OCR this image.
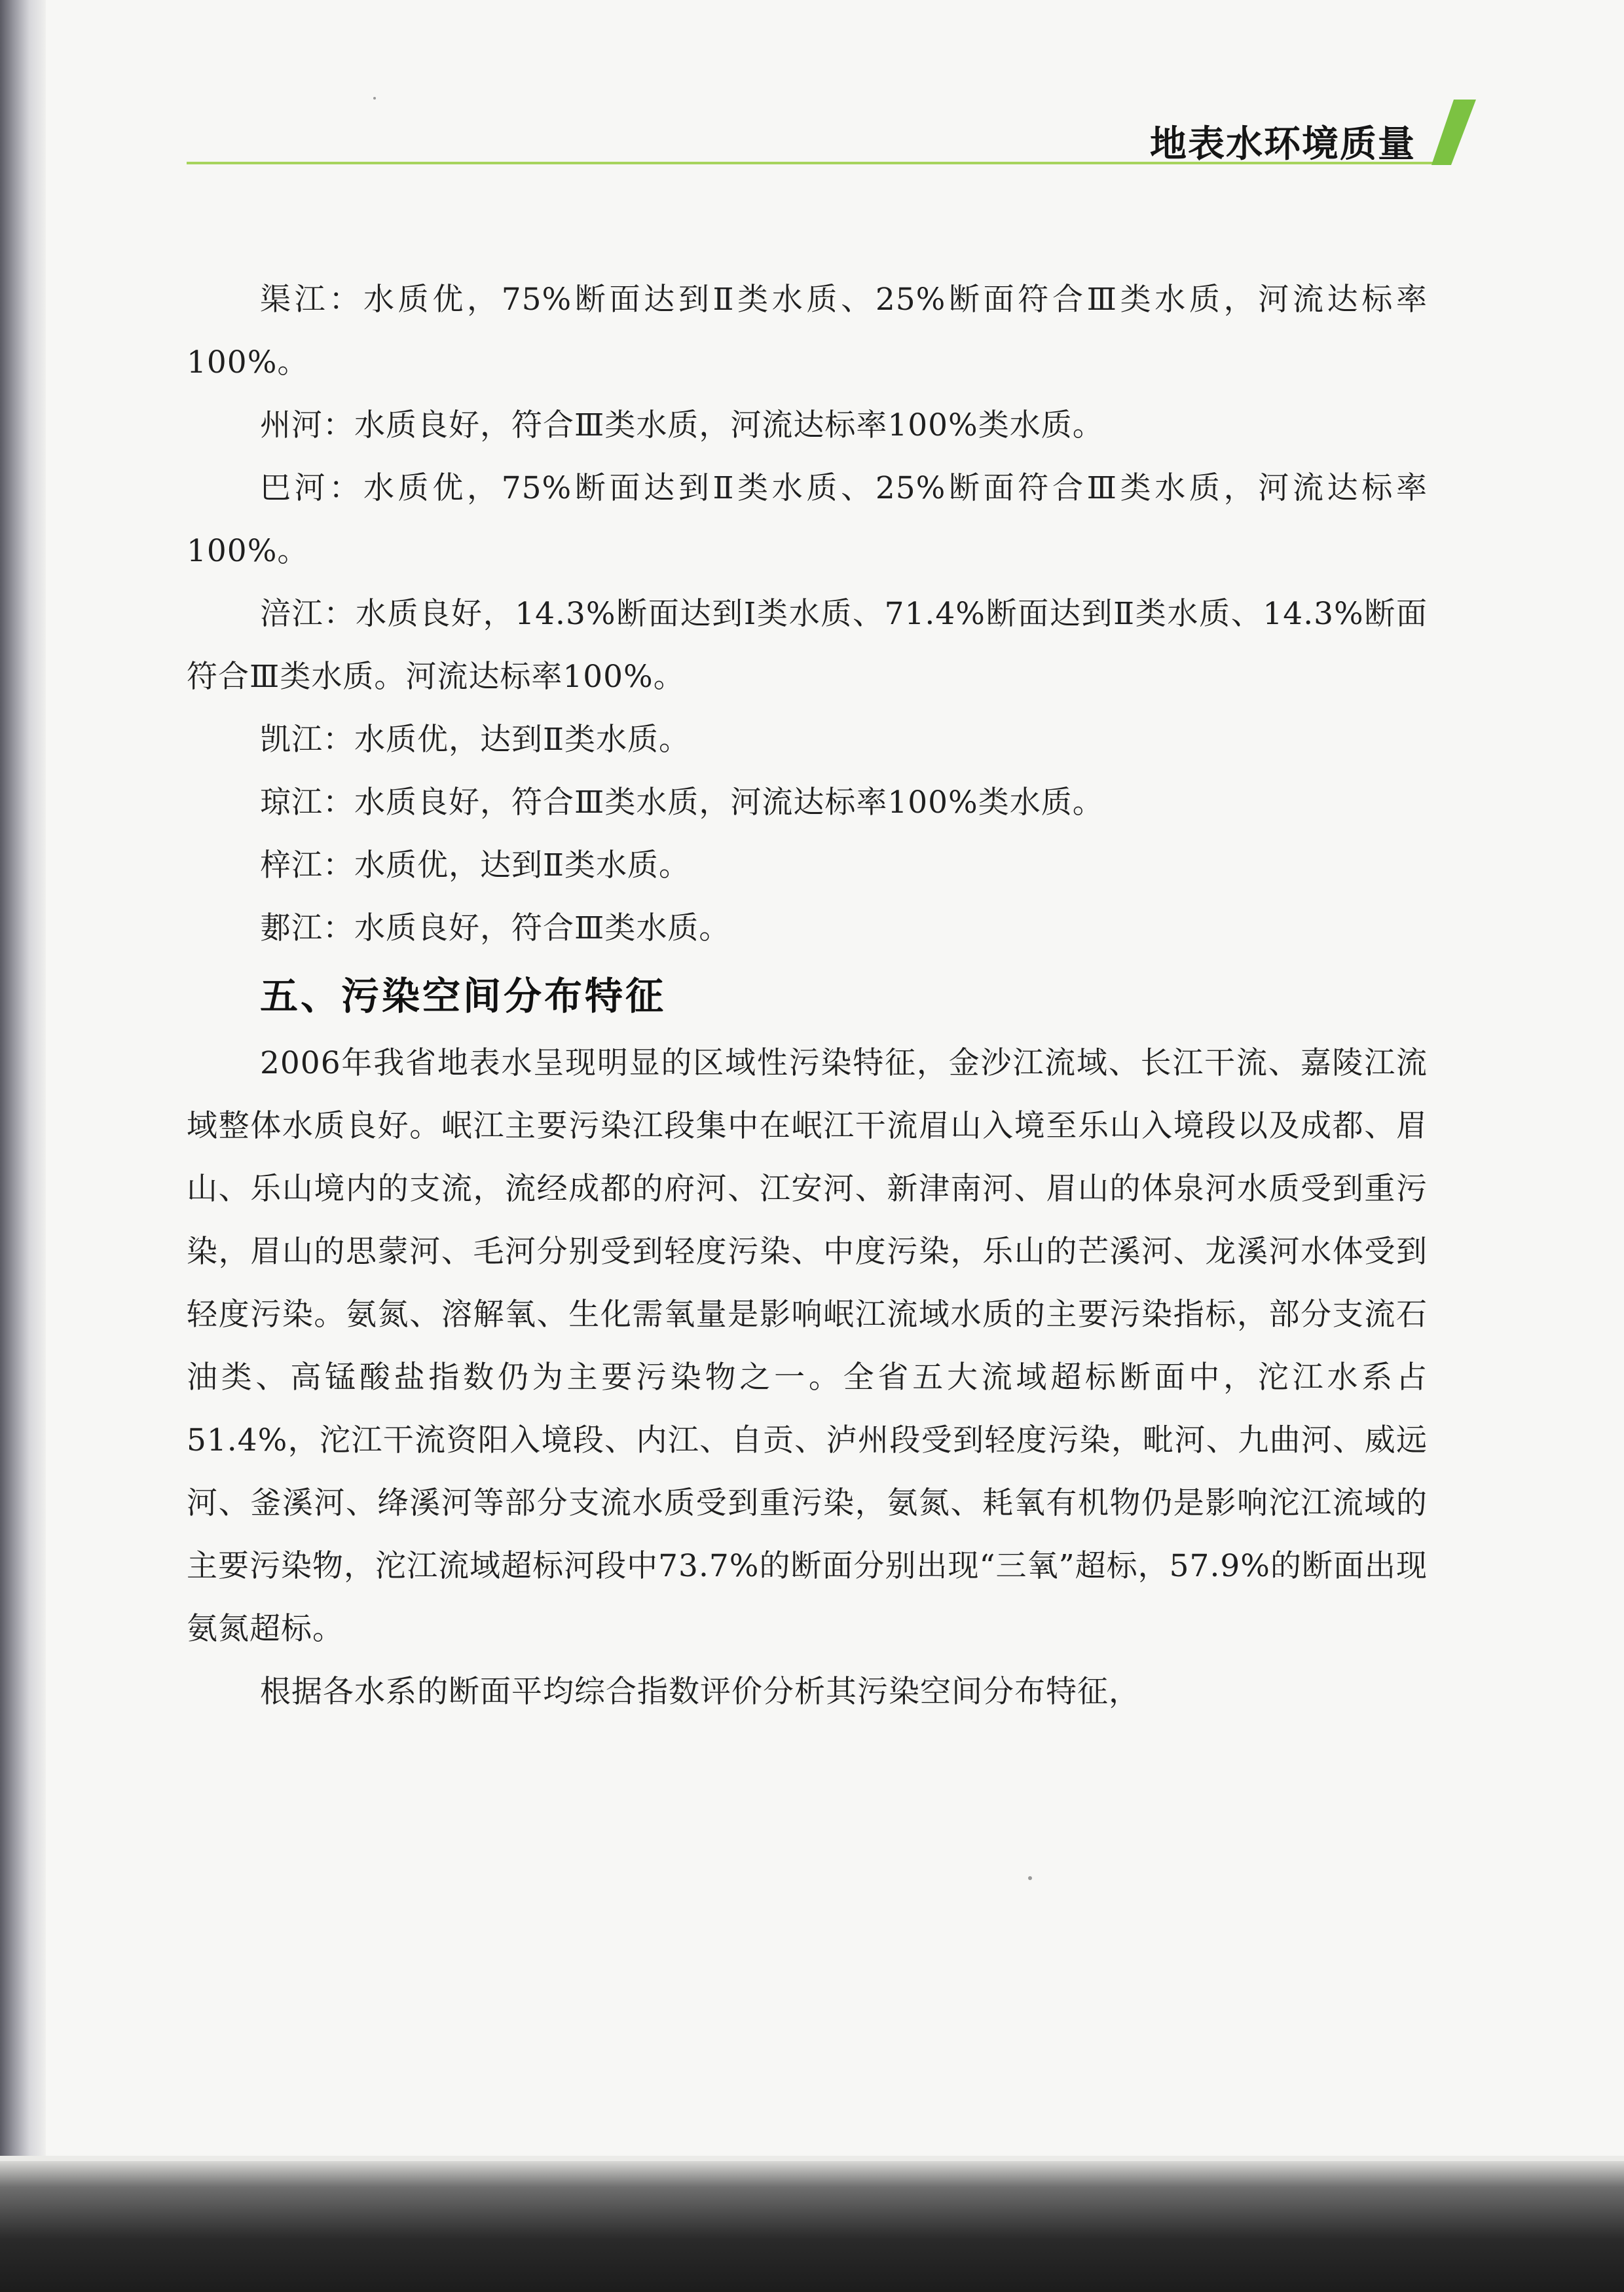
地表水环境质量

渠江：水质优，75%断面达到Ⅱ类水质、25%断面符合Ⅲ类水质，河流达标率100%。

州河：水质良好，符合Ⅲ类水质，河流达标率100%类水质。

巴河：水质优，75%断面达到Ⅱ类水质、25%断面符合Ⅲ类水质，河流达标率100%。

涪江：水质良好，14.3%断面达到Ⅰ类水质、71.4%断面达到Ⅱ类水质、14.3%断面符合Ⅲ类水质。河流达标率100%。

凯江：水质优，达到Ⅱ类水质。

琼江：水质良好，符合Ⅲ类水质，河流达标率100%类水质。

梓江：水质优，达到Ⅱ类水质。

郪江：水质良好，符合Ⅲ类水质。

五、污染空间分布特征

2006年我省地表水呈现明显的区域性污染特征，金沙江流域、长江干流、嘉陵江流域整体水质良好。岷江主要污染江段集中在岷江干流眉山入境至乐山入境段以及成都、眉山、乐山境内的支流，流经成都的府河、江安河、新津南河、眉山的体泉河水质受到重污染，眉山的思蒙河、毛河分别受到轻度污染、中度污染，乐山的芒溪河、龙溪河水体受到轻度污染。氨氮、溶解氧、生化需氧量是影响岷江流域水质的主要污染指标，部分支流石油类、高锰酸盐指数仍为主要污染物之一。全省五大流域超标断面中，沱江水系占51.4%，沱江干流资阳入境段、内江、自贡、泸州段受到轻度污染，毗河、九曲河、威远河、釜溪河、绛溪河等部分支流水质受到重污染，氨氮、耗氧有机物仍是影响沱江流域的主要污染物，沱江流域超标河段中73.7%的断面分别出现“三氧”超标，57.9%的断面出现氨氮超标。

根据各水系的断面平均综合指数评价分析其污染空间分布特征，
